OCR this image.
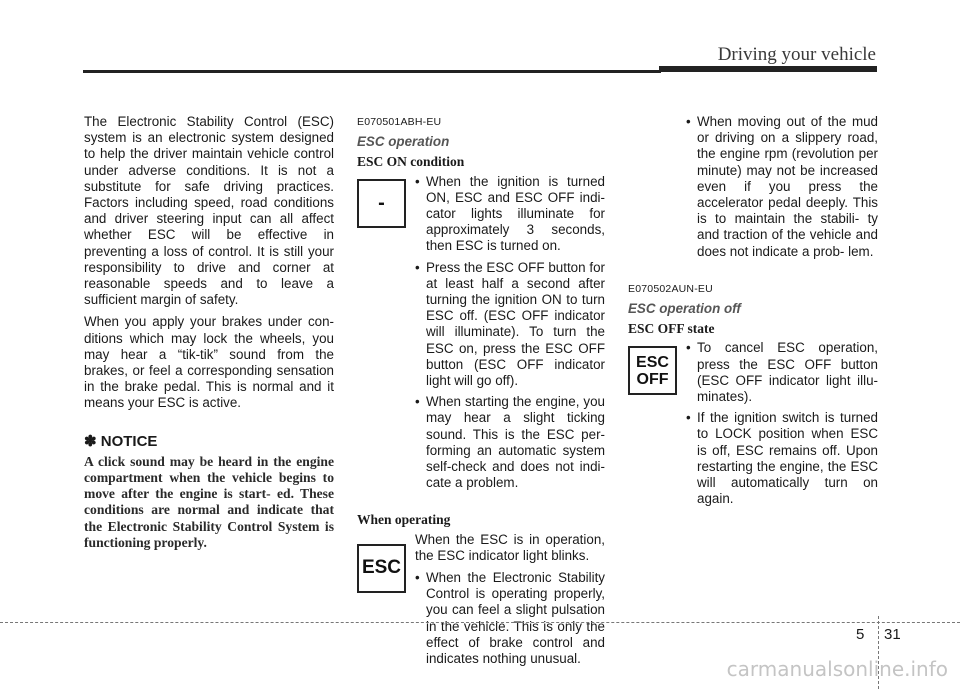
Driving your vehicle

The Electronic Stability Control (ESC) system is an electronic system designed to help the driver maintain vehicle control under adverse conditions. It is not a substitute for safe driving practices. Factors including speed, road conditions and driver steering input can all affect whether ESC will be effective in preventing a loss of control. It is still your responsibility to drive and corner at reasonable speeds and to leave a sufficient margin of safety.

When you apply your brakes under con- ditions which may lock the wheels, you may hear a “tik-tik” sound from the brakes, or feel a corresponding sensation in the brake pedal. This is normal and it means your ESC is active.

✽ NOTICE

A click sound may be heard in the engine compartment when the vehicle begins to move after the engine is start- ed. These conditions are normal and indicate that the Electronic Stability Control System is functioning properly.

E070501ABH-EU
ESC operation
ESC ON condition
-
• When the ignition is turned ON, ESC and ESC OFF indi- cator lights illuminate for approximately 3 seconds, then ESC is turned on.
• Press the ESC OFF button for at least half a second after turning the ignition ON to turn ESC off. (ESC OFF indicator will illuminate). To turn the ESC on, press the ESC OFF button (ESC OFF indicator light will go off).
• When starting the engine, you may hear a slight ticking sound. This is the ESC per- forming an automatic system self-check and does not indi- cate a problem.
When operating
ESC

When the ESC is in operation, the ESC indicator light blinks.

• When the Electronic Stability Control is operating properly, you can feel a slight pulsation in the vehicle. This is only the effect of brake control and indicates nothing unusual.
• When moving out of the mud or driving on a slippery road, the engine rpm (revolution per minute) may not be increased even if you press the accelerator pedal deeply. This is to maintain the stabili- ty and traction of the vehicle and does not indicate a prob- lem.
E070502AUN-EU
ESC operation off
ESC OFF state
ESC
OFF
• To cancel ESC operation, press the ESC OFF button (ESC OFF indicator light illu- minates).
• If the ignition switch is turned to LOCK position when ESC is off, ESC remains off. Upon restarting the engine, the ESC will automatically turn on again.
5 31
carmanualsonline.info
